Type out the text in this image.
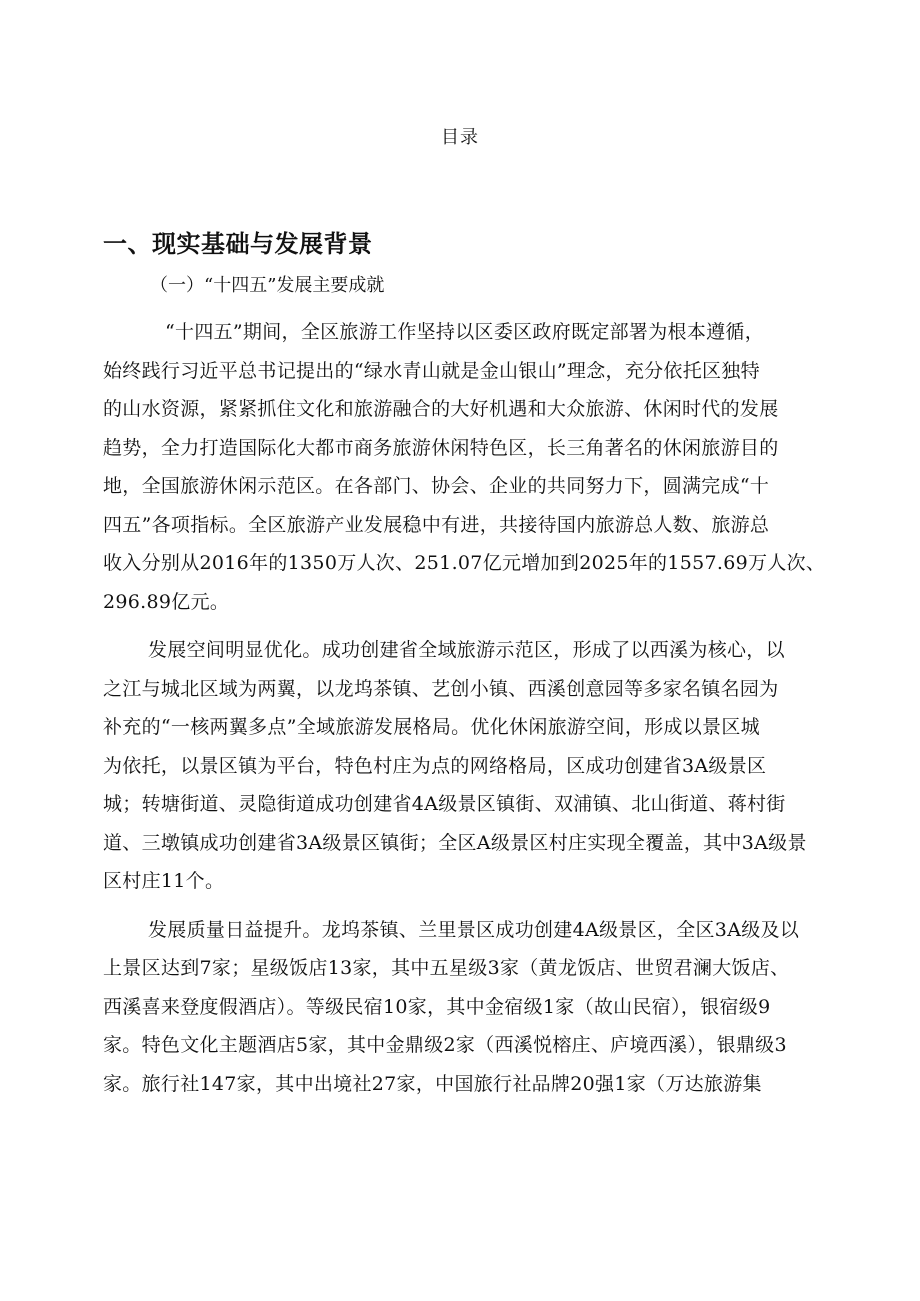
目录
一、现实基础与发展背景
（一）“十四五”发展主要成就
“十四五”期间，全区旅游工作坚持以区委区政府既定部署为根本遵循，
始终践行习近平总书记提出的“绿水青山就是金山银山”理念，充分依托区独特
的山水资源，紧紧抓住文化和旅游融合的大好机遇和大众旅游、休闲时代的发展
趋势，全力打造国际化大都市商务旅游休闲特色区，长三角著名的休闲旅游目的
地，全国旅游休闲示范区。在各部门、协会、企业的共同努力下，圆满完成“十
四五”各项指标。全区旅游产业发展稳中有进，共接待国内旅游总人数、旅游总
收入分别从2016年的1350万人次、251.07亿元增加到2025年的1557.69万人次、
296.89亿元。
发展空间明显优化。成功创建省全域旅游示范区，形成了以西溪为核心，以
之江与城北区域为两翼，以龙坞茶镇、艺创小镇、西溪创意园等多家名镇名园为
补充的“一核两翼多点”全域旅游发展格局。优化休闲旅游空间，形成以景区城
为依托，以景区镇为平台，特色村庄为点的网络格局，区成功创建省3A级景区
城；转塘街道、灵隐街道成功创建省4A级景区镇街、双浦镇、北山街道、蒋村街
道、三墩镇成功创建省3A级景区镇街；全区A级景区村庄实现全覆盖，其中3A级景
区村庄11个。
发展质量日益提升。龙坞茶镇、兰里景区成功创建4A级景区，全区3A级及以
上景区达到7家；星级饭店13家，其中五星级3家（黄龙饭店、世贸君澜大饭店、
西溪喜来登度假酒店）。等级民宿10家，其中金宿级1家（故山民宿），银宿级9
家。特色文化主题酒店5家，其中金鼎级2家（西溪悦榕庄、庐境西溪），银鼎级3
家。旅行社147家，其中出境社27家，中国旅行社品牌20强1家（万达旅游集
